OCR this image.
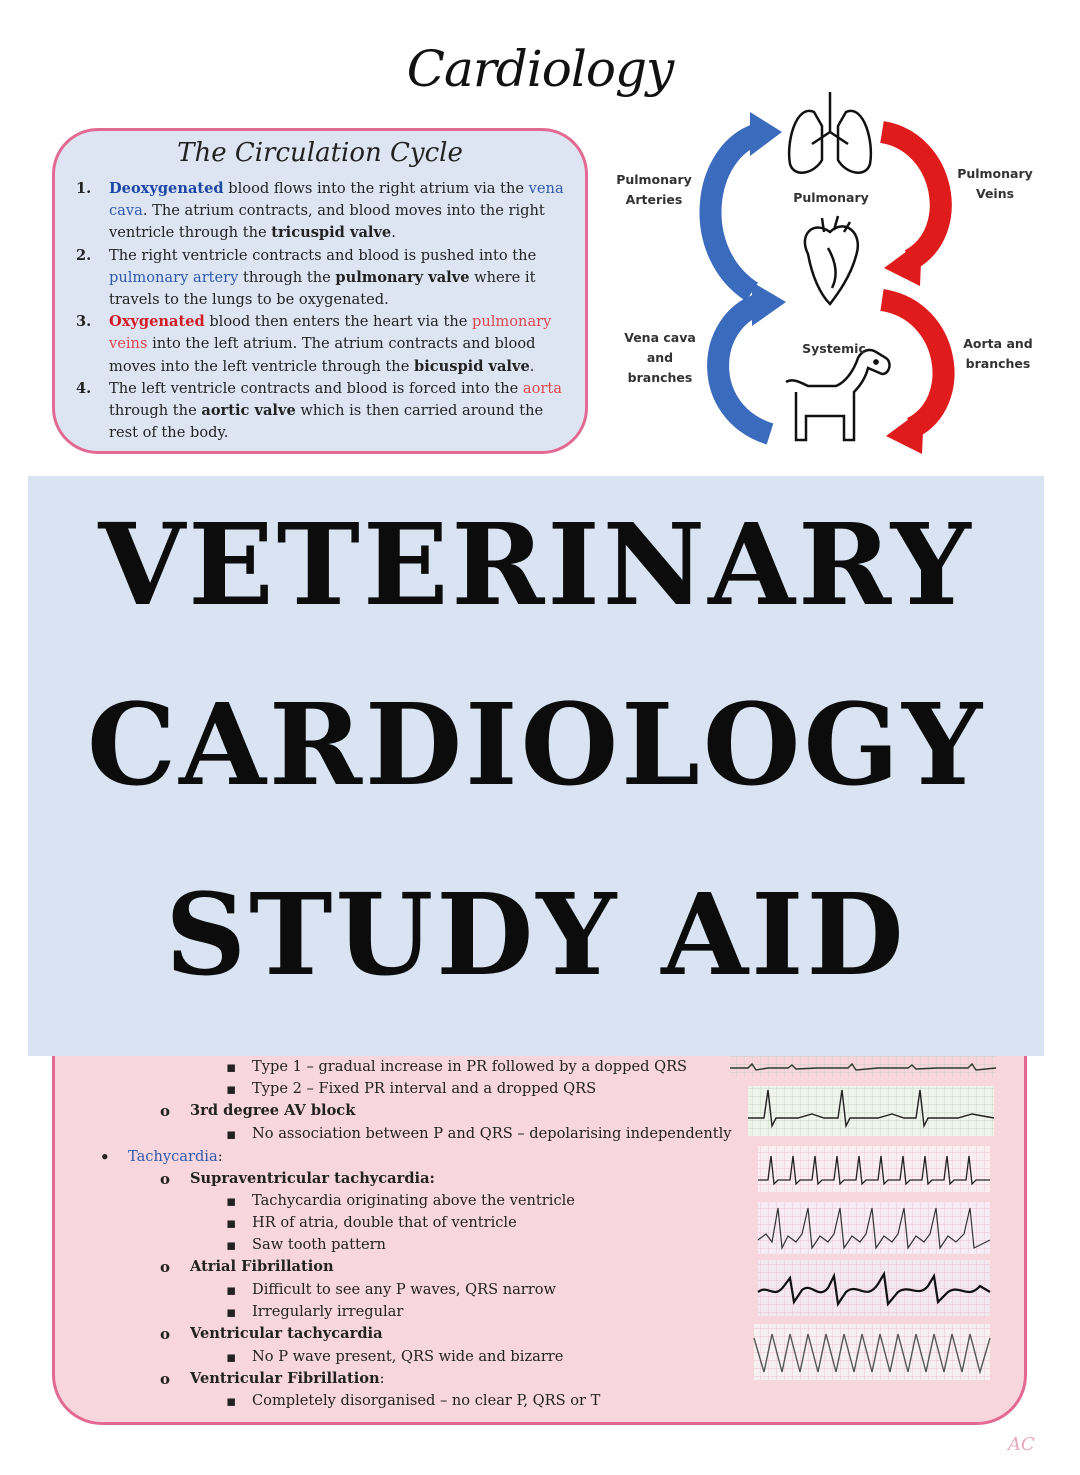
Cardiology
The Circulation Cycle
1. Deoxygenated blood flows into the right atrium via the vena cava. The atrium contracts, and blood moves into the right ventricle through the tricuspid valve.
2. The right ventricle contracts and blood is pushed into the pulmonary artery through the pulmonary valve where it travels to the lungs to be oxygenated.
3. Oxygenated blood then enters the heart via the pulmonary veins into the left atrium. The atrium contracts and blood moves into the left ventricle through the bicuspid valve.
4. The left ventricle contracts and blood is forced into the aorta through the aortic valve which is then carried around the rest of the body.
Pulmonary
Arteries	Pulmonary
Pulmonary
Veins
Vena cava
and
branches
Systemic	Aorta and
branches
VETERINARY
CARDIOLOGY
STUDY AID
▪ Type 1 – gradual increase in PR followed by a dopped QRS
▪ Type 2 – Fixed PR interval and a dropped QRS
o 3rd degree AV block
▪ No association between P and QRS – depolarising independently
• Tachycardia:
o Supraventricular tachycardia:
▪ Tachycardia originating above the ventricle
▪ HR of atria, double that of ventricle
▪ Saw tooth pattern
o Atrial Fibrillation
▪ Difficult to see any P waves, QRS narrow
▪ Irregularly irregular
o Ventricular tachycardia
▪ No P wave present, QRS wide and bizarre
o Ventricular Fibrillation:
▪ Completely disorganised – no clear P, QRS or T
AC
